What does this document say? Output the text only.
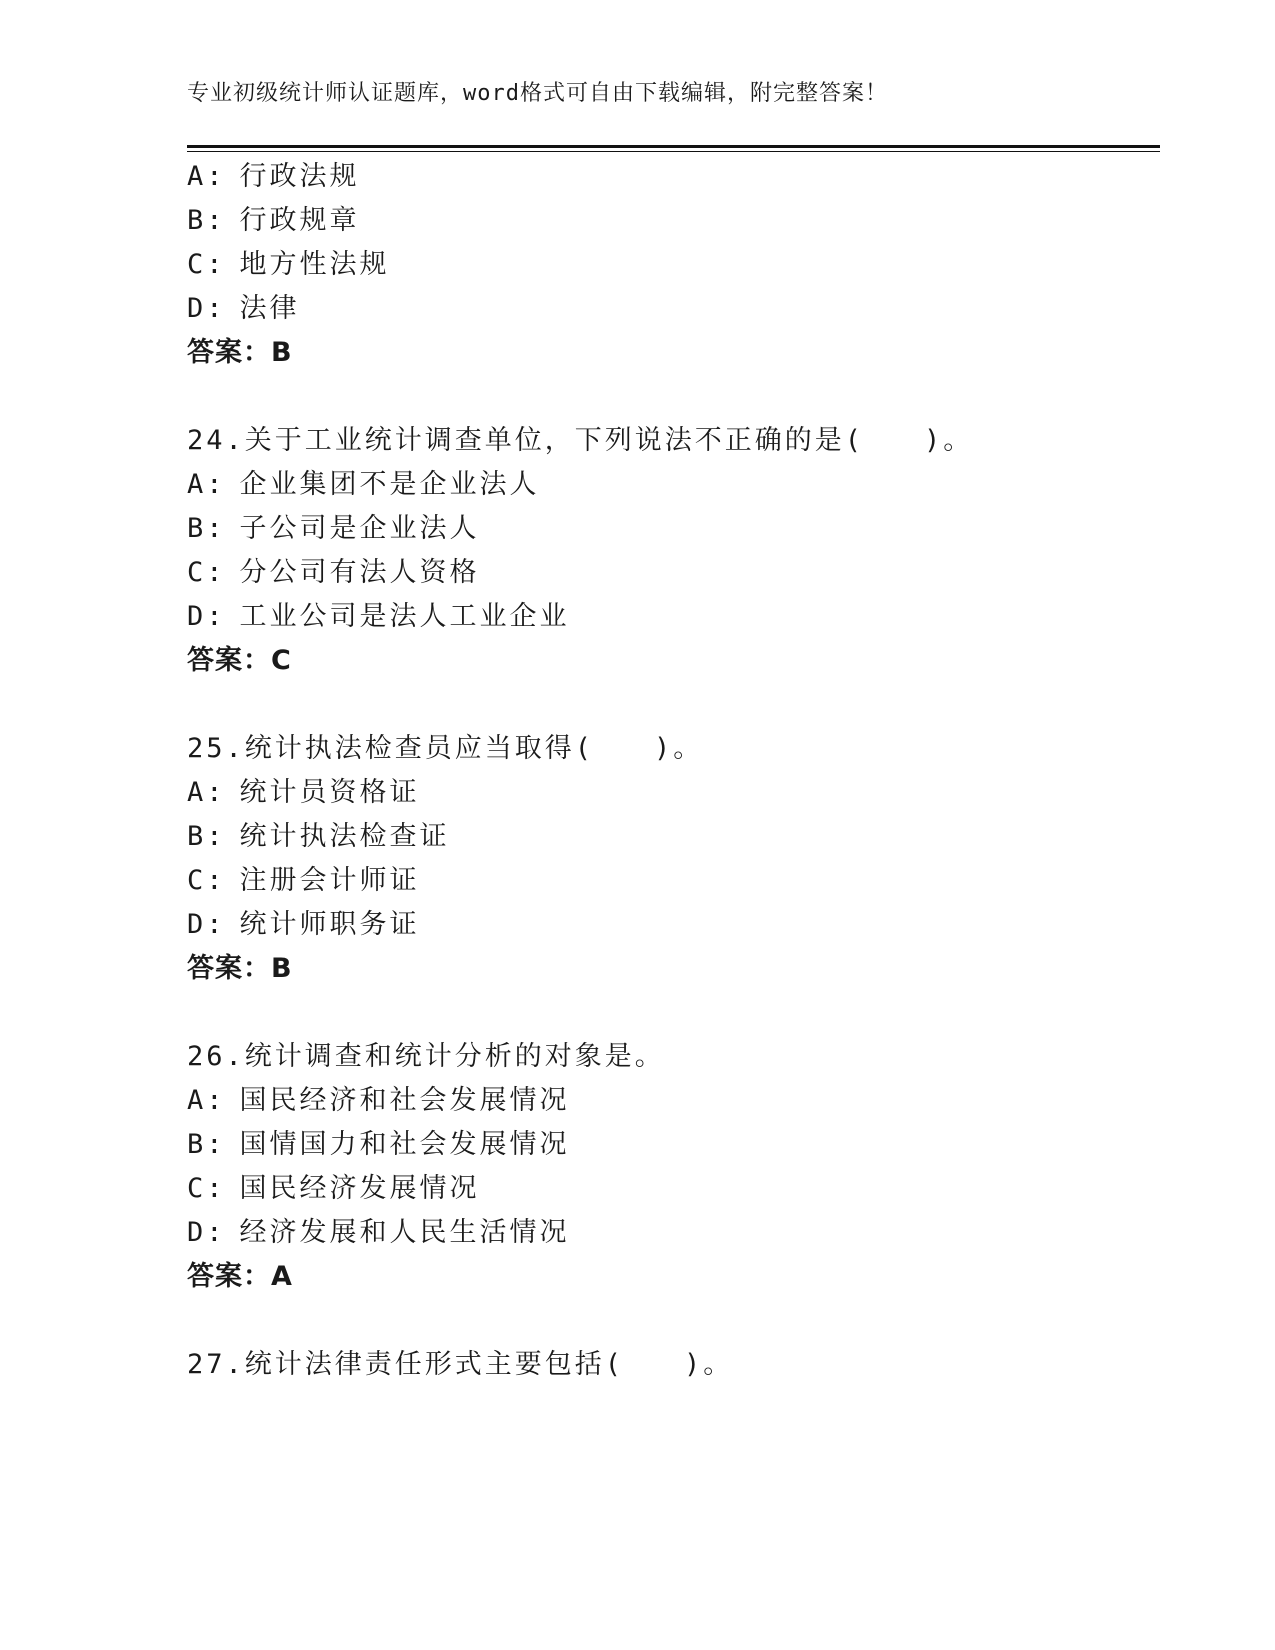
专业初级统计师认证题库，word格式可自由下载编辑，附完整答案！
A: 行政法规
B: 行政规章
C: 地方性法规
D: 法律
答案：B
24.关于工业统计调查单位，下列说法不正确的是(　　)。
A: 企业集团不是企业法人
B: 子公司是企业法人
C: 分公司有法人资格
D: 工业公司是法人工业企业
答案：C
25.统计执法检查员应当取得(　　)。
A: 统计员资格证
B: 统计执法检查证
C: 注册会计师证
D: 统计师职务证
答案：B
26.统计调查和统计分析的对象是。
A: 国民经济和社会发展情况
B: 国情国力和社会发展情况
C: 国民经济发展情况
D: 经济发展和人民生活情况
答案：A
27.统计法律责任形式主要包括(　　)。
